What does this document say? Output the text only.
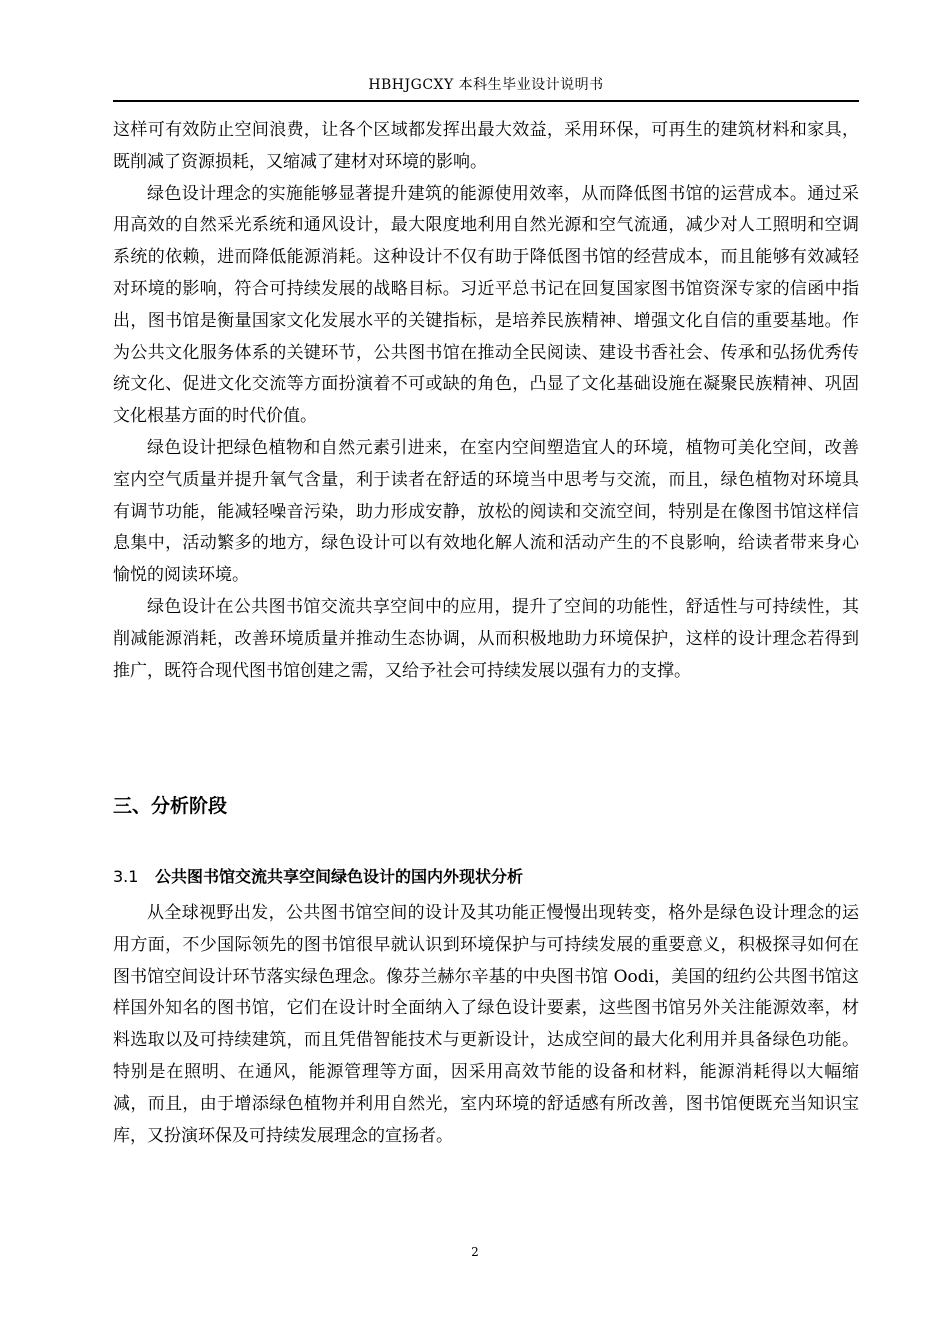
HBHJGCXY 本科生毕业设计说明书

这样可有效防止空间浪费，让各个区域都发挥出最大效益，采用环保，可再生的建筑材料和家具，既削减了资源损耗，又缩减了建材对环境的影响。

绿色设计理念的实施能够显著提升建筑的能源使用效率，从而降低图书馆的运营成本。通过采用高效的自然采光系统和通风设计，最大限度地利用自然光源和空气流通，减少对人工照明和空调系统的依赖，进而降低能源消耗。这种设计不仅有助于降低图书馆的经营成本，而且能够有效减轻对环境的影响，符合可持续发展的战略目标。习近平总书记在回复国家图书馆资深专家的信函中指出，图书馆是衡量国家文化发展水平的关键指标，是培养民族精神、增强文化自信的重要基地。作为公共文化服务体系的关键环节，公共图书馆在推动全民阅读、建设书香社会、传承和弘扬优秀传统文化、促进文化交流等方面扮演着不可或缺的角色，凸显了文化基础设施在凝聚民族精神、巩固文化根基方面的时代价值。

绿色设计把绿色植物和自然元素引进来，在室内空间塑造宜人的环境，植物可美化空间，改善室内空气质量并提升氧气含量，利于读者在舒适的环境当中思考与交流，而且，绿色植物对环境具有调节功能，能减轻噪音污染，助力形成安静，放松的阅读和交流空间，特别是在像图书馆这样信息集中，活动繁多的地方，绿色设计可以有效地化解人流和活动产生的不良影响，给读者带来身心愉悦的阅读环境。

绿色设计在公共图书馆交流共享空间中的应用，提升了空间的功能性，舒适性与可持续性，其削减能源消耗，改善环境质量并推动生态协调，从而积极地助力环境保护，这样的设计理念若得到推广，既符合现代图书馆创建之需，又给予社会可持续发展以强有力的支撑。

三、分析阶段
3.1 公共图书馆交流共享空间绿色设计的国内外现状分析

从全球视野出发，公共图书馆空间的设计及其功能正慢慢出现转变，格外是绿色设计理念的运用方面，不少国际领先的图书馆很早就认识到环境保护与可持续发展的重要意义，积极探寻如何在图书馆空间设计环节落实绿色理念。像芬兰赫尔辛基的中央图书馆 Oodi，美国的纽约公共图书馆这样国外知名的图书馆，它们在设计时全面纳入了绿色设计要素，这些图书馆另外关注能源效率，材料选取以及可持续建筑，而且凭借智能技术与更新设计，达成空间的最大化利用并具备绿色功能。特别是在照明、在通风，能源管理等方面，因采用高效节能的设备和材料，能源消耗得以大幅缩减，而且，由于增添绿色植物并利用自然光，室内环境的舒适感有所改善，图书馆便既充当知识宝库，又扮演环保及可持续发展理念的宣扬者。

2
